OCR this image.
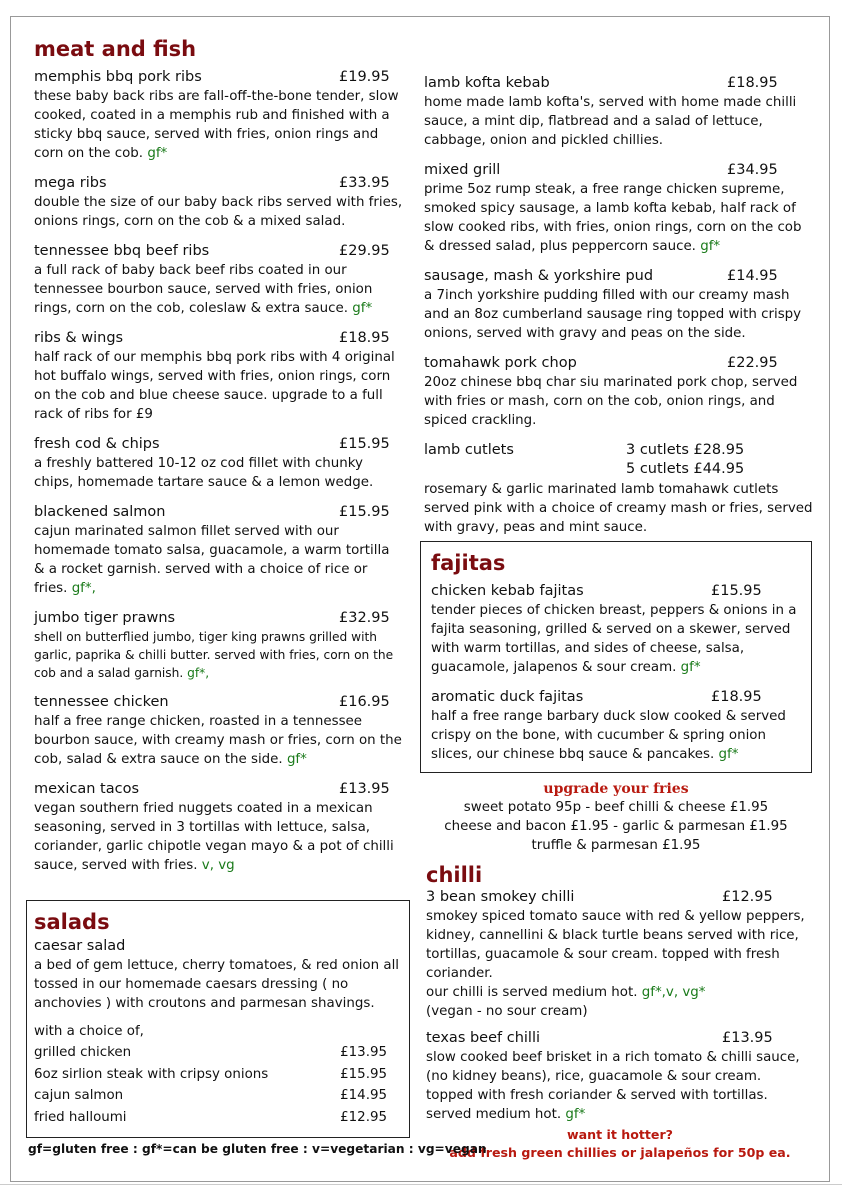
meat and fish
memphis bbq pork ribs	£19.95
these baby back ribs are fall-off-the-bone tender, slow cooked, coated in a memphis rub and finished with a sticky bbq sauce, served with fries, onion rings and corn on the cob. gf*
mega ribs	£33.95
double the size of our baby back ribs served with fries, onions rings, corn on the cob & a mixed salad.
tennessee bbq beef ribs	£29.95
a full rack of baby back beef ribs coated in our tennessee bourbon sauce, served with fries, onion rings, corn on the cob, coleslaw & extra sauce. gf*
ribs & wings	£18.95
half rack of our memphis bbq pork ribs with 4 original hot buffalo wings, served with fries, onion rings, corn on the cob and blue cheese sauce. upgrade to a full rack of ribs for £9
fresh cod & chips	£15.95
a freshly battered 10-12 oz cod fillet with chunky chips, homemade tartare sauce & a lemon wedge.
blackened salmon	£15.95
cajun marinated salmon fillet served with our homemade tomato salsa, guacamole, a warm tortilla & a rocket garnish. served with a choice of rice or fries. gf*,
jumbo tiger prawns	£32.95
shell on butterflied jumbo, tiger king prawns grilled with garlic, paprika & chilli butter. served with fries, corn on the cob and a salad garnish. gf*,
tennessee chicken	£16.95
half a free range chicken, roasted in a tennessee bourbon sauce, with creamy mash or fries, corn on the cob, salad & extra sauce on the side. gf*
mexican tacos	£13.95
vegan southern fried nuggets coated in a mexican seasoning, served in 3 tortillas with lettuce, salsa, coriander, garlic chipotle vegan mayo & a pot of chilli sauce, served with fries. v, vg
lamb kofta kebab	£18.95
home made lamb kofta's, served with home made chilli sauce, a mint dip, flatbread and a salad of lettuce, cabbage, onion and pickled chillies.
mixed grill	£34.95
prime 5oz rump steak, a free range chicken supreme, smoked spicy sausage, a lamb kofta kebab, half rack of slow cooked ribs, with fries, onion rings, corn on the cob & dressed salad, plus peppercorn sauce. gf*
sausage, mash & yorkshire pud	£14.95
a 7inch yorkshire pudding filled with our creamy mash and an 8oz cumberland sausage ring topped with crispy onions, served with gravy and peas on the side.
tomahawk pork chop	£22.95
20oz chinese bbq char siu marinated pork chop, served with fries or mash, corn on the cob, onion rings, and spiced crackling.
lamb cutlets	3 cutlets £28.95
5 cutlets £44.95
rosemary & garlic marinated lamb tomahawk cutlets served pink with a choice of creamy mash or fries, served with gravy, peas and mint sauce.
fajitas
chicken kebab fajitas	£15.95
tender pieces of chicken breast, peppers & onions in a fajita seasoning, grilled & served on a skewer, served with warm tortillas, and sides of cheese, salsa, guacamole, jalapenos & sour cream. gf*
aromatic duck fajitas	£18.95
half a free range barbary duck slow cooked & served crispy on the bone, with cucumber & spring onion slices, our chinese bbq sauce & pancakes. gf*
upgrade your fries
sweet potato 95p - beef chilli & cheese £1.95
cheese and bacon £1.95 - garlic & parmesan £1.95
truffle & parmesan £1.95
chilli
3 bean smokey chilli	£12.95
smokey spiced tomato sauce with red & yellow peppers, kidney, cannellini & black turtle beans served with rice, tortillas, guacamole & sour cream. topped with fresh coriander.
our chilli is served medium hot. gf*,v, vg*
(vegan - no sour cream)
texas beef chilli	£13.95
slow cooked beef brisket in a rich tomato & chilli sauce, (no kidney beans), rice, guacamole & sour cream. topped with fresh coriander & served with tortillas. served medium hot. gf*
want it hotter?
add fresh green chillies or jalapeños for 50p ea.
salads
caesar salad
a bed of gem lettuce, cherry tomatoes, & red onion all tossed in our homemade caesars dressing ( no anchovies ) with croutons and parmesan shavings.
with a choice of,
grilled chicken	£13.95
6oz sirlion steak with cripsy onions	£15.95
cajun salmon	£14.95
fried halloumi	£12.95
gf=gluten free : gf*=can be gluten free : v=vegetarian : vg=vegan
